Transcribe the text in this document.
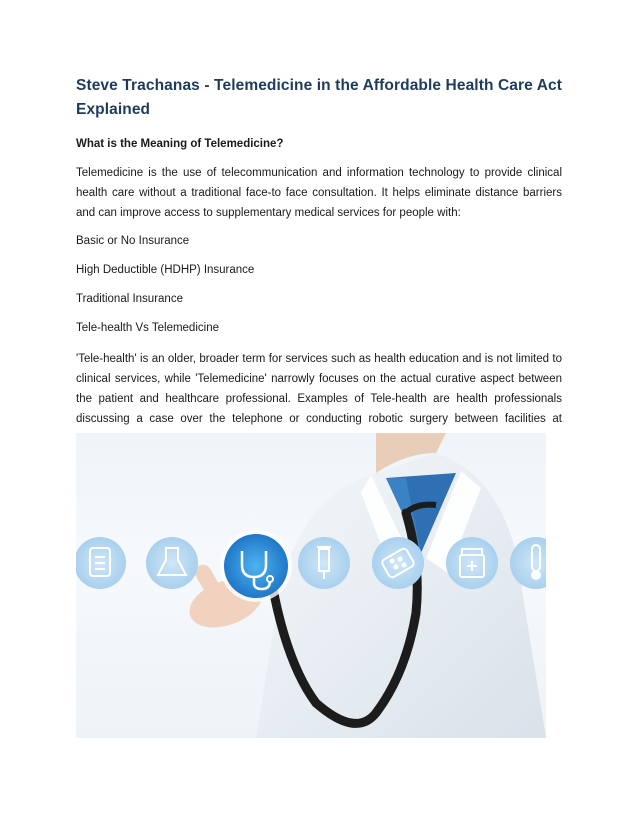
Steve Trachanas - Telemedicine in the Affordable Health Care Act Explained
What is the Meaning of Telemedicine?

Telemedicine is the use of telecommunication and information technology to provide clinical health care without a traditional face-to face consultation. It helps eliminate distance barriers and can improve access to supplementary medical services for people with:

Basic or No Insurance
High Deductible (HDHP) Insurance
Traditional Insurance
Tele-health Vs Telemedicine

'Tele-health' is an older, broader term for services such as health education and is not limited to clinical services, while 'Telemedicine' narrowly focuses on the actual curative aspect between the patient and healthcare professional. Examples of Tele-health are health professionals discussing a case over the telephone or conducting robotic surgery between facilities at
